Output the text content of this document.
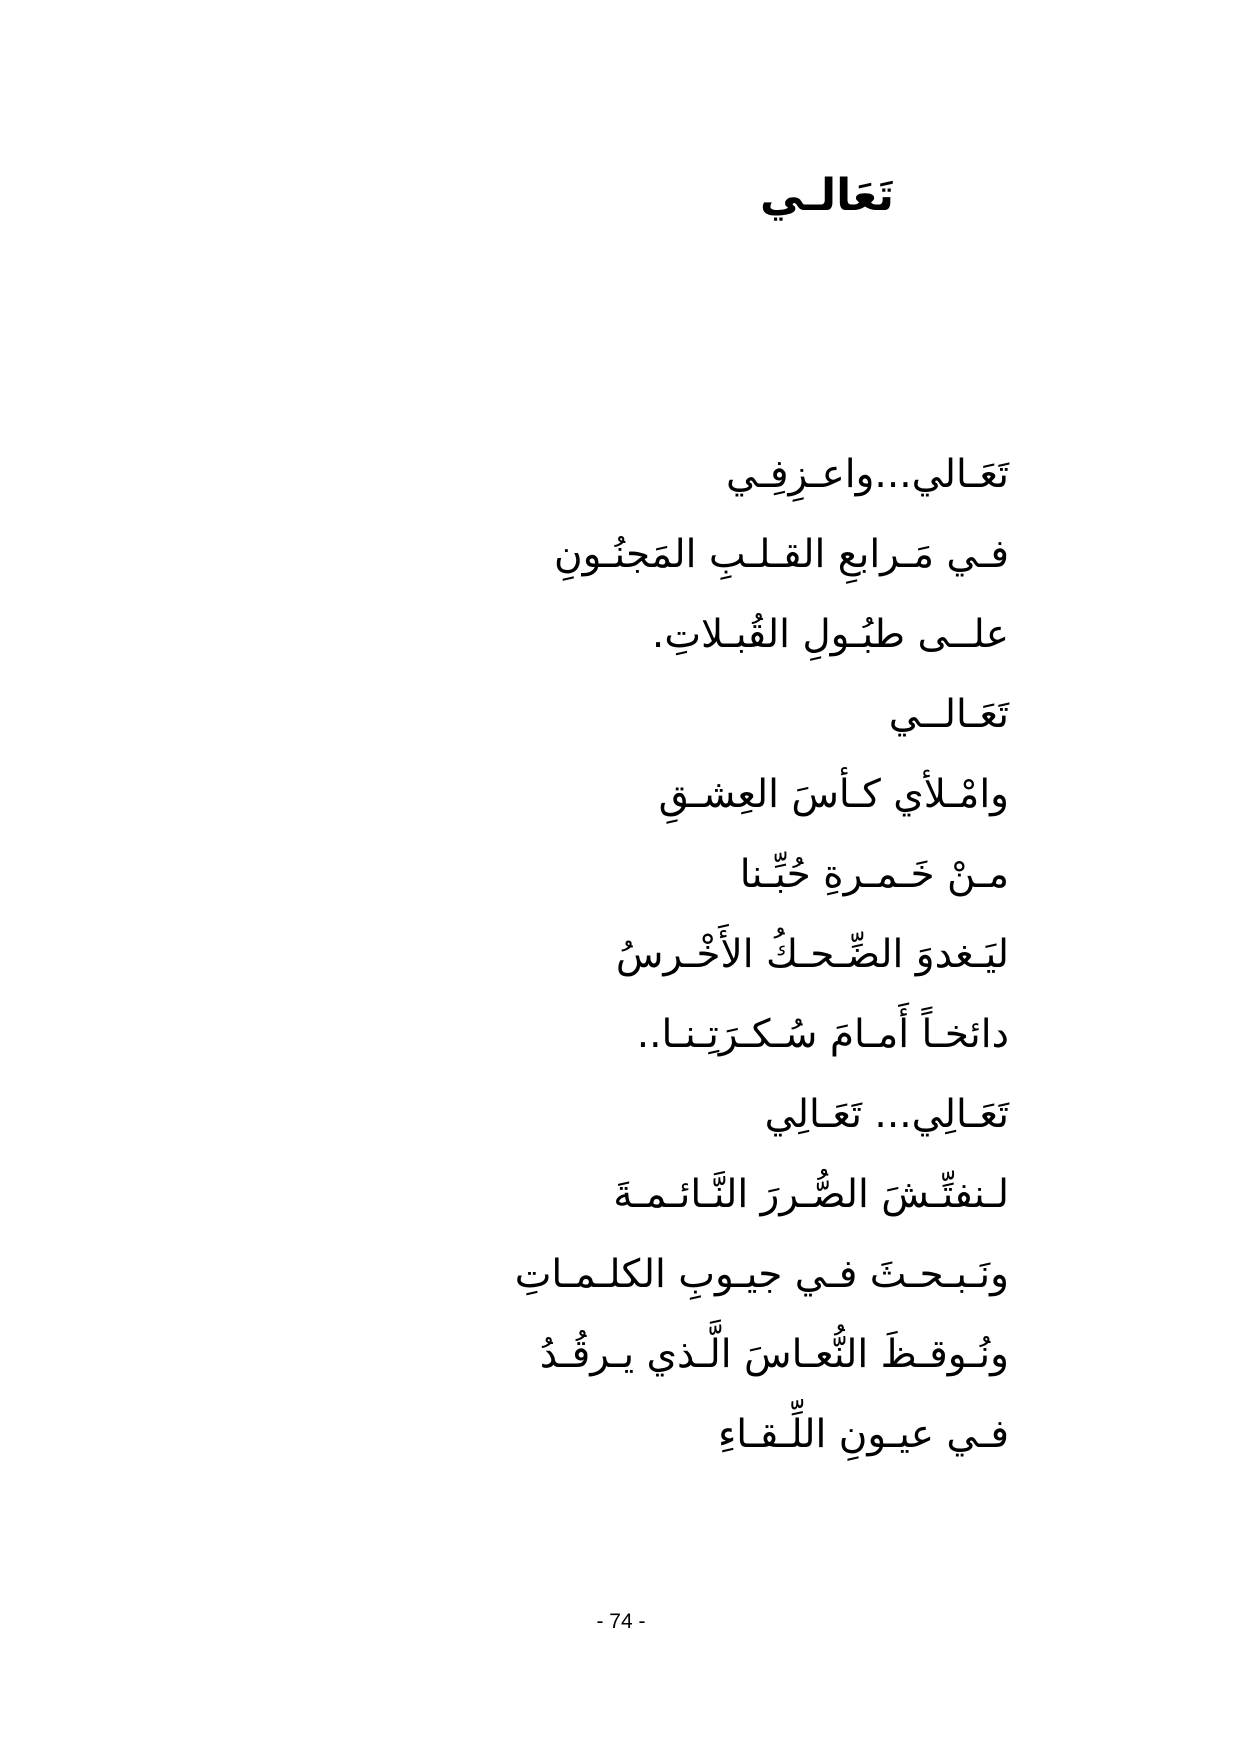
تَعَالـي
تَعَـالي...واعـزِفِـي
فـي مَـرابعِ القـلـبِ المَجنُـونِ
علــى طبُـولِ القُبـلاتِ.
تَعَـالــي
وامْـلأي كـأسَ العِشـقِ
مـنْ خَـمـرةِ حُبِّـنا
ليَـغدوَ الضِّـحـكُ الأَخْـرسُ
دائخـاً أَمـامَ سُـكـرَتِـنـا..
تَعَـالِي... تَعَـالِي
لـنفتِّـشَ الصُّـررَ النَّـائـمـةَ
ونَـبـحـثَ فـي جيـوبِ الكلـمـاتِ
ونُـوقـظَ النُّعـاسَ الَّـذي يـرقُـدُ
فـي عيـونِ اللِّـقـاءِ
- 74 -
